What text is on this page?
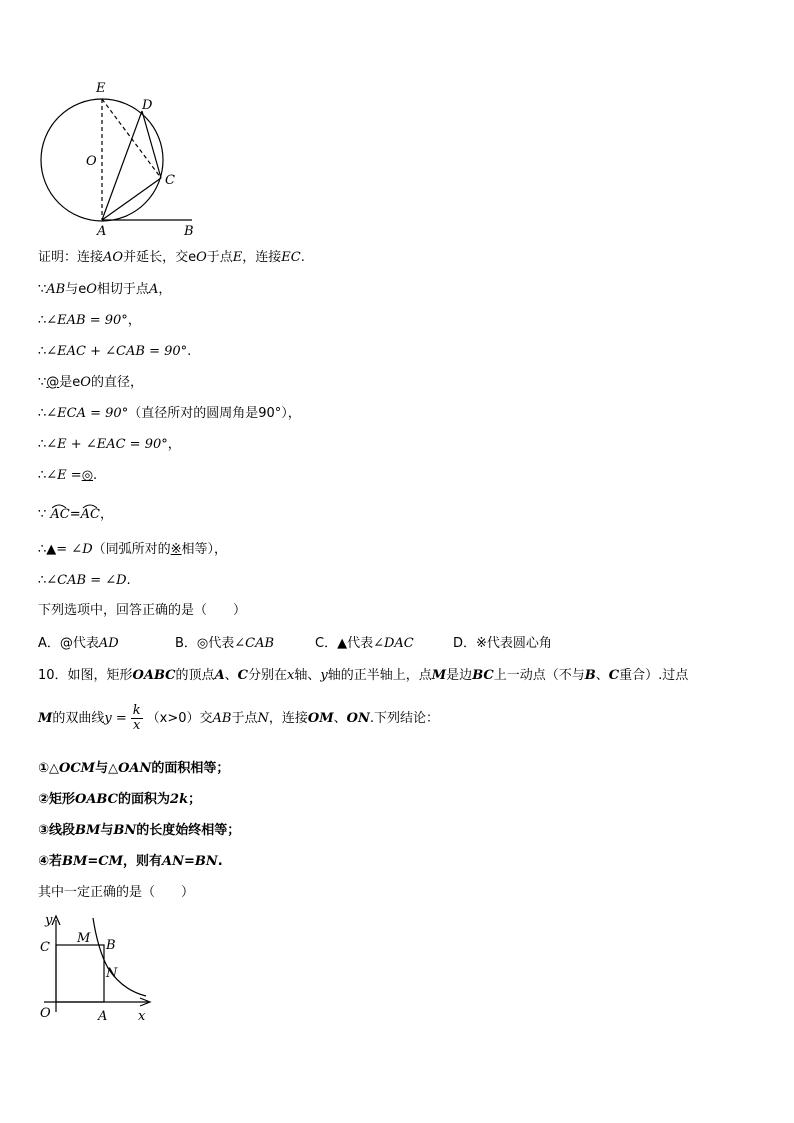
E
D
O
C
A	B
证明：连接AO并延长，交eO于点E，连接EC.
∵AB与eO相切于点A，
∴∠EAB = 90°，
∴∠EAC + ∠CAB = 90°.
∵@是eO的直径，
∴∠ECA = 90°（直径所对的圆周角是90°），
∴∠E + ∠EAC = 90°，
∴∠E =◎.
∵ AC
=AC
，
∴▲= ∠D（同弧所对的※相等），
∴∠CAB = ∠D.
下列选项中，回答正确的是（　　）
A．@代表AD	B．◎代表∠CAB	C．▲代表∠DAC	D．※代表圆心角
10．如图，矩形OABC的顶点A、C分别在x轴、y轴的正半轴上，点M是边BC上一动点（不与B、C重合）.过点
M的双曲线$y = \frac{k}{x} (x>0)$交AB于点N，连接OM、ON.下列结论：
①△OCM与△OAN的面积相等；
②矩形OABC的面积为2k；
③线段BM与BN的长度始终相等；
④若BM=CM，则有AN=BN.
其中一定正确的是（　　）
y
C
M B
N
O	A x
